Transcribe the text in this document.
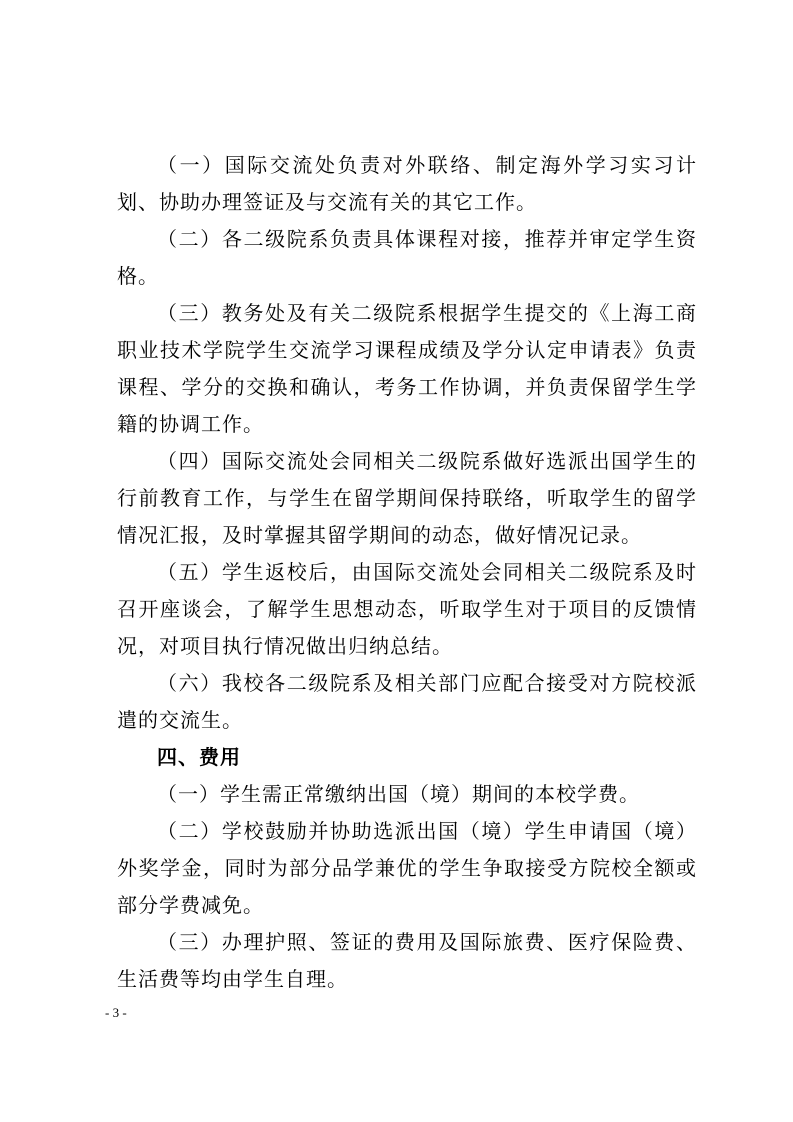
（一）国际交流处负责对外联络、制定海外学习实习计划、协助办理签证及与交流有关的其它工作。

（二）各二级院系负责具体课程对接，推荐并审定学生资格。

（三）教务处及有关二级院系根据学生提交的《上海工商职业技术学院学生交流学习课程成绩及学分认定申请表》负责课程、学分的交换和确认，考务工作协调，并负责保留学生学籍的协调工作。

（四）国际交流处会同相关二级院系做好选派出国学生的行前教育工作，与学生在留学期间保持联络，听取学生的留学情况汇报，及时掌握其留学期间的动态，做好情况记录。

（五）学生返校后，由国际交流处会同相关二级院系及时召开座谈会，了解学生思想动态，听取学生对于项目的反馈情况，对项目执行情况做出归纳总结。

（六）我校各二级院系及相关部门应配合接受对方院校派遣的交流生。

四、费用

（一）学生需正常缴纳出国（境）期间的本校学费。

（二）学校鼓励并协助选派出国（境）学生申请国（境）外奖学金，同时为部分品学兼优的学生争取接受方院校全额或部分学费减免。

（三）办理护照、签证的费用及国际旅费、医疗保险费、生活费等均由学生自理。

- 3 -
